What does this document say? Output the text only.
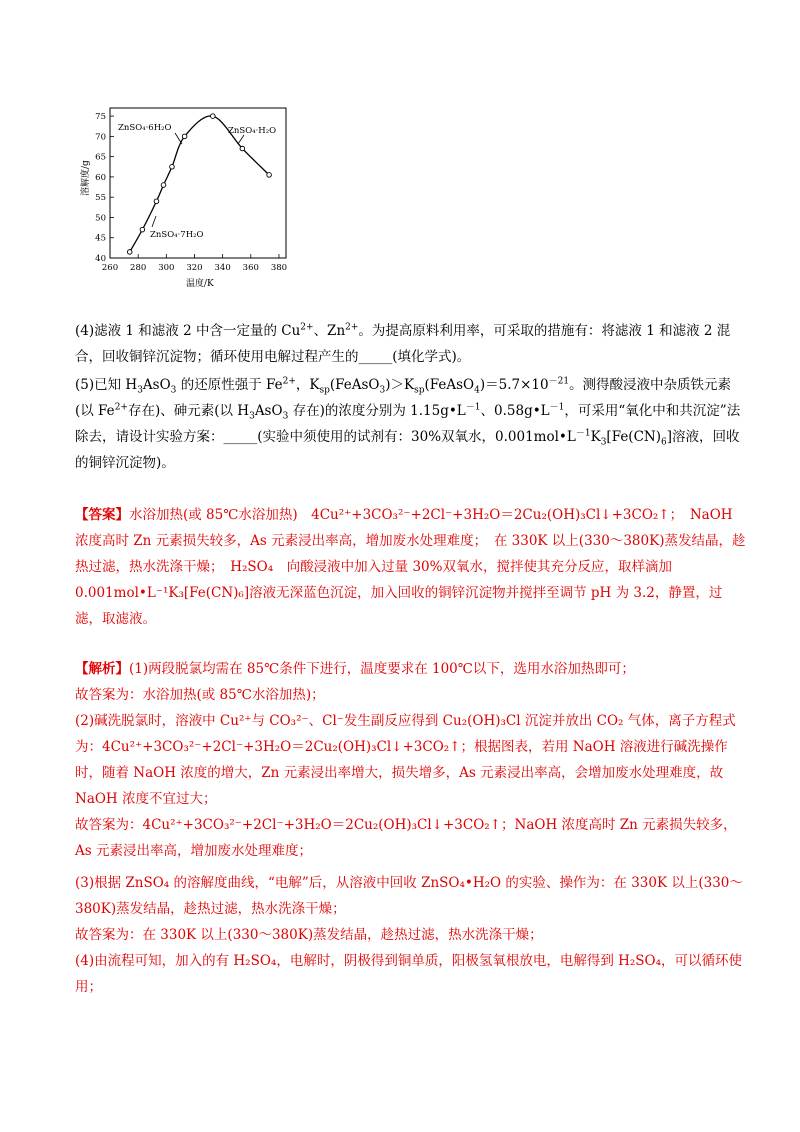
40
45
50
55
60
65
70
75
260 280 300 320 340 360 380
ZnSO₄·6H₂O	ZnSO₄·H₂O
ZnSO₄·7H₂O
温度/K
溶解度/g
(4)滤液 1 和滤液 2 中含一定量的 $Cu^{2+}$、$Zn^{2+}$。为提高原料利用率，可采取的措施有：将滤液 1 和滤液 2 混合，回收铜锌沉淀物；循环使用电解过程产生的_____(填化学式)。
(5)已知 $H_3AsO_3$ 的还原性强于 $Fe^{2+}$，$K_{sp}(FeAsO_3)>K_{sp}(FeAsO_4)=5.7\times 10^{-21}$。测得酸浸液中杂质铁元素(以 $Fe^{2+}$存在)、砷元素(以 $H_3AsO_3$ 存在)的浓度分别为 $1.15g•L^{-1}$、$0.58g•L^{-1}$，可采用“氧化中和共沉淀”法除去，请设计实验方案：_____(实验中须使用的试剂有：30%双氧水，$0.001mol•L^{-1}K_3[Fe(CN)_6]$溶液，回收的铜锌沉淀物)。
【答案】水浴加热(或 85℃水浴加热)　4Cu²⁺+3CO₃²⁻+2Cl⁻+3H₂O＝2Cu₂(OH)₃Cl↓+3CO₂↑；　NaOH 浓度高时 Zn 元素损失较多，As 元素浸出率高，增加废水处理难度；　在 330K 以上(330～380K)蒸发结晶，趁热过滤，热水洗涤干燥；　H₂SO₄　向酸浸液中加入过量 30%双氧水，搅拌使其充分反应，取样滴加 0.001mol•L⁻¹K₃[Fe(CN)₆]溶液无深蓝色沉淀，加入回收的铜锌沉淀物并搅拌至调节 pH 为 3.2，静置，过滤，取滤液。
【解析】(1)两段脱氯均需在 85℃条件下进行，温度要求在 100℃以下，选用水浴加热即可；
故答案为：水浴加热(或 85℃水浴加热)；
(2)碱洗脱氯时，溶液中 Cu²⁺与 CO₃²⁻、Cl⁻发生副反应得到 Cu₂(OH)₃Cl 沉淀并放出 CO₂ 气体，离子方程式为：4Cu²⁺+3CO₃²⁻+2Cl⁻+3H₂O＝2Cu₂(OH)₃Cl↓+3CO₂↑；根据图表，若用 NaOH 溶液进行碱洗操作时，随着 NaOH 浓度的增大，Zn 元素浸出率增大，损失增多，As 元素浸出率高，会增加废水处理难度，故 NaOH 浓度不宜过大；
故答案为：4Cu²⁺+3CO₃²⁻+2Cl⁻+3H₂O＝2Cu₂(OH)₃Cl↓+3CO₂↑；NaOH 浓度高时 Zn 元素损失较多，As 元素浸出率高，增加废水处理难度；
(3)根据 ZnSO₄ 的溶解度曲线，“电解”后，从溶液中回收 ZnSO₄•H₂O 的实验、操作为：在 330K 以上(330～380K)蒸发结晶，趁热过滤，热水洗涤干燥；
故答案为：在 330K 以上(330～380K)蒸发结晶，趁热过滤，热水洗涤干燥；
(4)由流程可知，加入的有 H₂SO₄，电解时，阴极得到铜单质，阳极氢氧根放电，电解得到 H₂SO₄，可以循环使用；
